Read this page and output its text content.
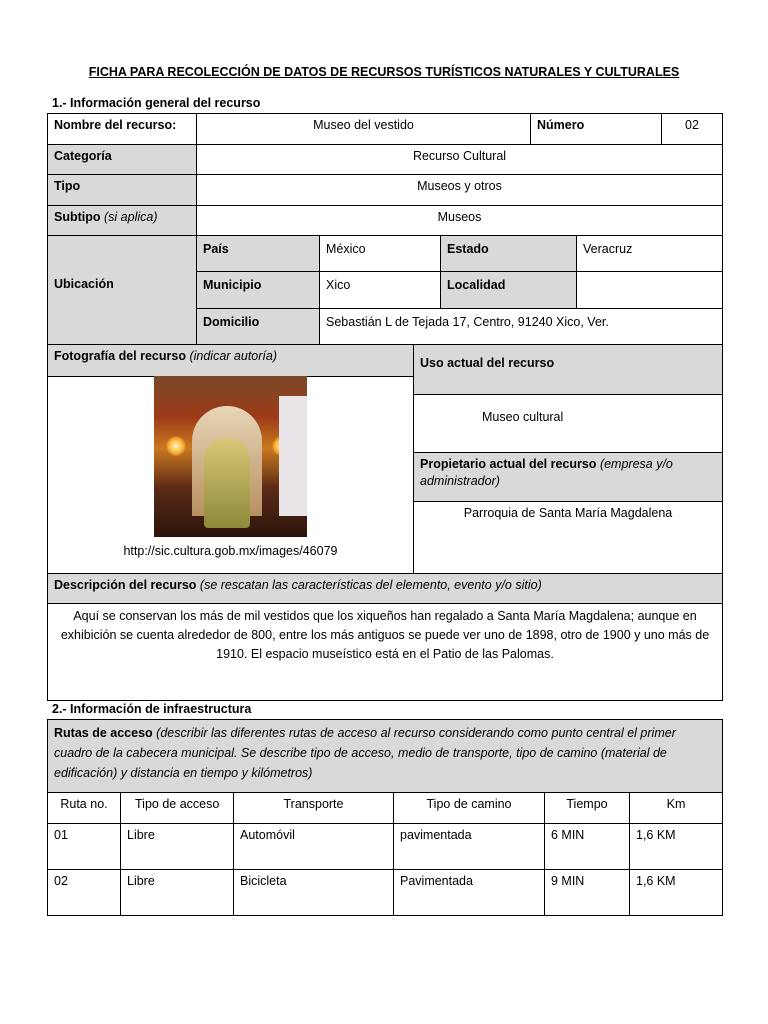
FICHA PARA RECOLECCIÓN DE DATOS DE RECURSOS TURÍSTICOS NATURALES Y CULTURALES
1.- Información general del recurso
Nombre del recurso:	Museo del vestido	Número	02
Categoría	Recurso Cultural
Tipo	Museos y otros
Subtipo (si aplica)	Museos
Ubicación
País	México	Estado	Veracruz
Municipio	Xico	Localidad
Domicilio	Sebastián L de Tejada 17, Centro, 91240 Xico, Ver.
Fotografía del recurso (indicar autoría)
http://sic.cultura.gob.mx/images/46079
Uso actual del recurso
Museo cultural
Propietario actual del recurso (empresa y/o administrador)
Parroquia de Santa María Magdalena
Descripción del recurso (se rescatan las características del elemento, evento y/o sitio)
Aquí se conservan los más de mil vestidos que los xiqueños han regalado a Santa María Magdalena; aunque en exhibición se cuenta alrededor de 800, entre los más antiguos se puede ver uno de 1898, otro de 1900 y uno más de 1910. El espacio museístico está en el Patio de las Palomas.
2.- Información de infraestructura
Rutas de acceso (describir las diferentes rutas de acceso al recurso considerando como punto central el primer cuadro de la cabecera municipal. Se describe tipo de acceso, medio de transporte, tipo de camino (material de edificación) y distancia en tiempo y kilómetros)
Ruta no.	Tipo de acceso	Transporte	Tipo de camino	Tiempo	Km
01	Libre	Automóvil	pavimentada	6 MIN	1,6 KM
02	Libre	Bicicleta	Pavimentada	9 MIN	1,6 KM
